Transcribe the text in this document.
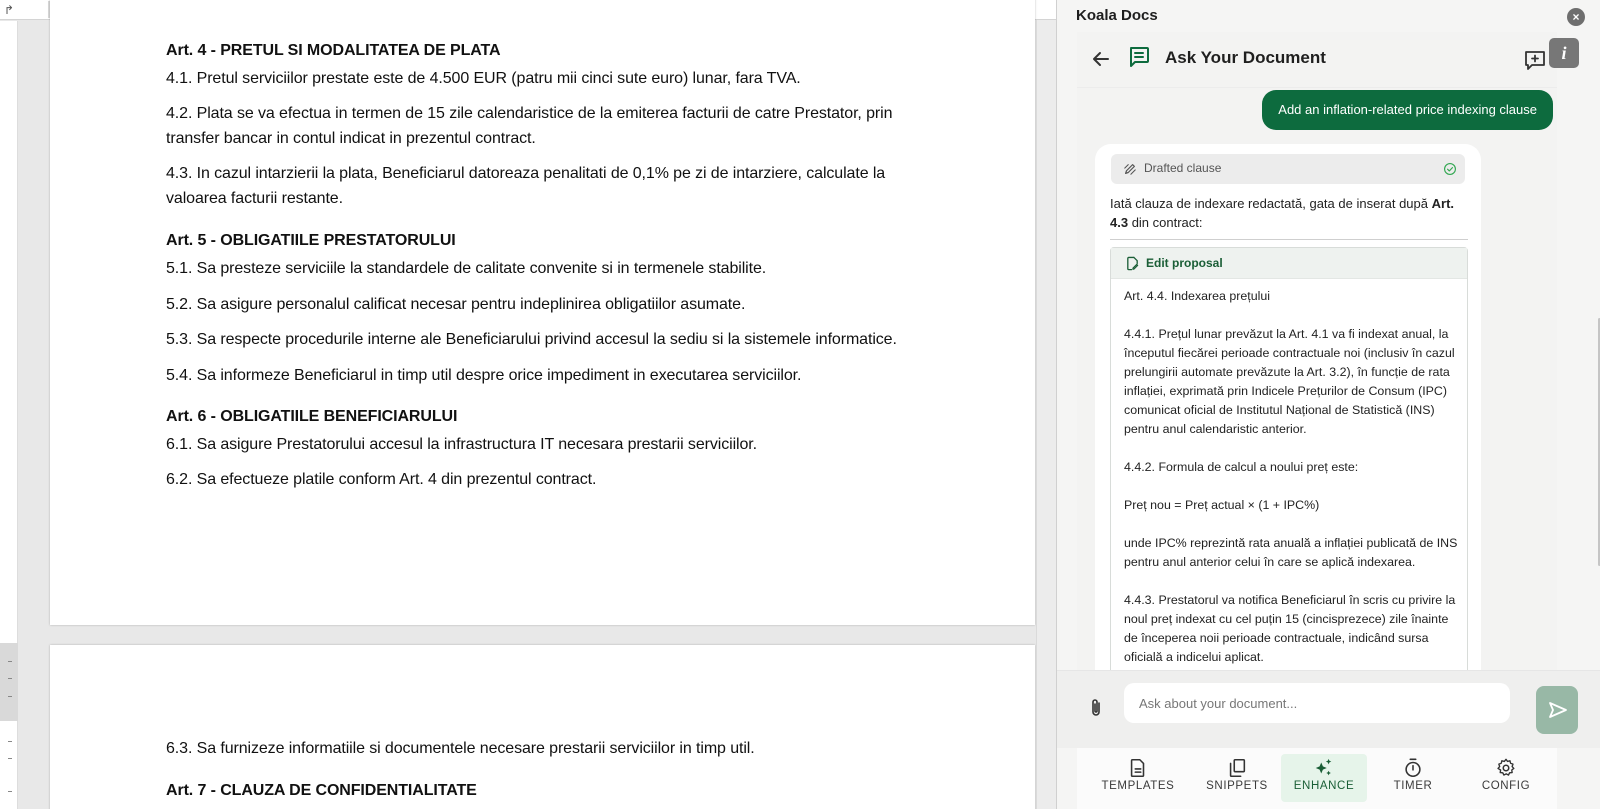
↱
Art. 4 - PRETUL SI MODALITATEA DE PLATA
4.1. Pretul serviciilor prestate este de 4.500 EUR (patru mii cinci sute euro) lunar, fara TVA.
4.2. Plata se va efectua in termen de 15 zile calendaristice de la emiterea facturii de catre Prestator, prin
transfer bancar in contul indicat in prezentul contract.
4.3. In cazul intarzierii la plata, Beneficiarul datoreaza penalitati de 0,1% pe zi de intarziere, calculate la
valoarea facturii restante.
Art. 5 - OBLIGATIILE PRESTATORULUI
5.1. Sa presteze serviciile la standardele de calitate convenite si in termenele stabilite.
5.2. Sa asigure personalul calificat necesar pentru indeplinirea obligatiilor asumate.
5.3. Sa respecte procedurile interne ale Beneficiarului privind accesul la sediu si la sistemele informatice.
5.4. Sa informeze Beneficiarul in timp util despre orice impediment in executarea serviciilor.
Art. 6 - OBLIGATIILE BENEFICIARULUI
6.1. Sa asigure Prestatorului accesul la infrastructura IT necesara prestarii serviciilor.
6.2. Sa efectueze platile conform Art. 4 din prezentul contract.
6.3. Sa furnizeze informatiile si documentele necesare prestarii serviciilor in timp util.
Art. 7 - CLAUZA DE CONFIDENTIALITATE
Koala Docs	×
Ask Your Document	i
Add an inflation-related price indexing clause
Drafted clause
Iată clauza de indexare redactată, gata de inserat după Art.
4.3 din contract:
Edit proposal
Art. 4.4. Indexarea prețului
4.4.1. Prețul lunar prevăzut la Art. 4.1 va fi indexat anual, la începutul fiecărei perioade contractuale noi (inclusiv în cazul prelungirii automate prevăzute la Art. 3.2), în funcție de rata inflației, exprimată prin Indicele Prețurilor de Consum (IPC) comunicat oficial de Institutul Național de Statistică (INS) pentru anul calendaristic anterior.
4.4.2. Formula de calcul a noului preț este:
Preț nou = Preț actual × (1 + IPC%)
unde IPC% reprezintă rata anuală a inflației publicată de INS pentru anul anterior celui în care se aplică indexarea.
4.4.3. Prestatorul va notifica Beneficiarul în scris cu privire la noul preț indexat cu cel puțin 15 (cincisprezece) zile înainte de începerea noii perioade contractuale, indicând sursa oficială a indicelui aplicat.
Ask about your document...
TEMPLATES	SNIPPETS	ENHANCE	TIMER	CONFIG
